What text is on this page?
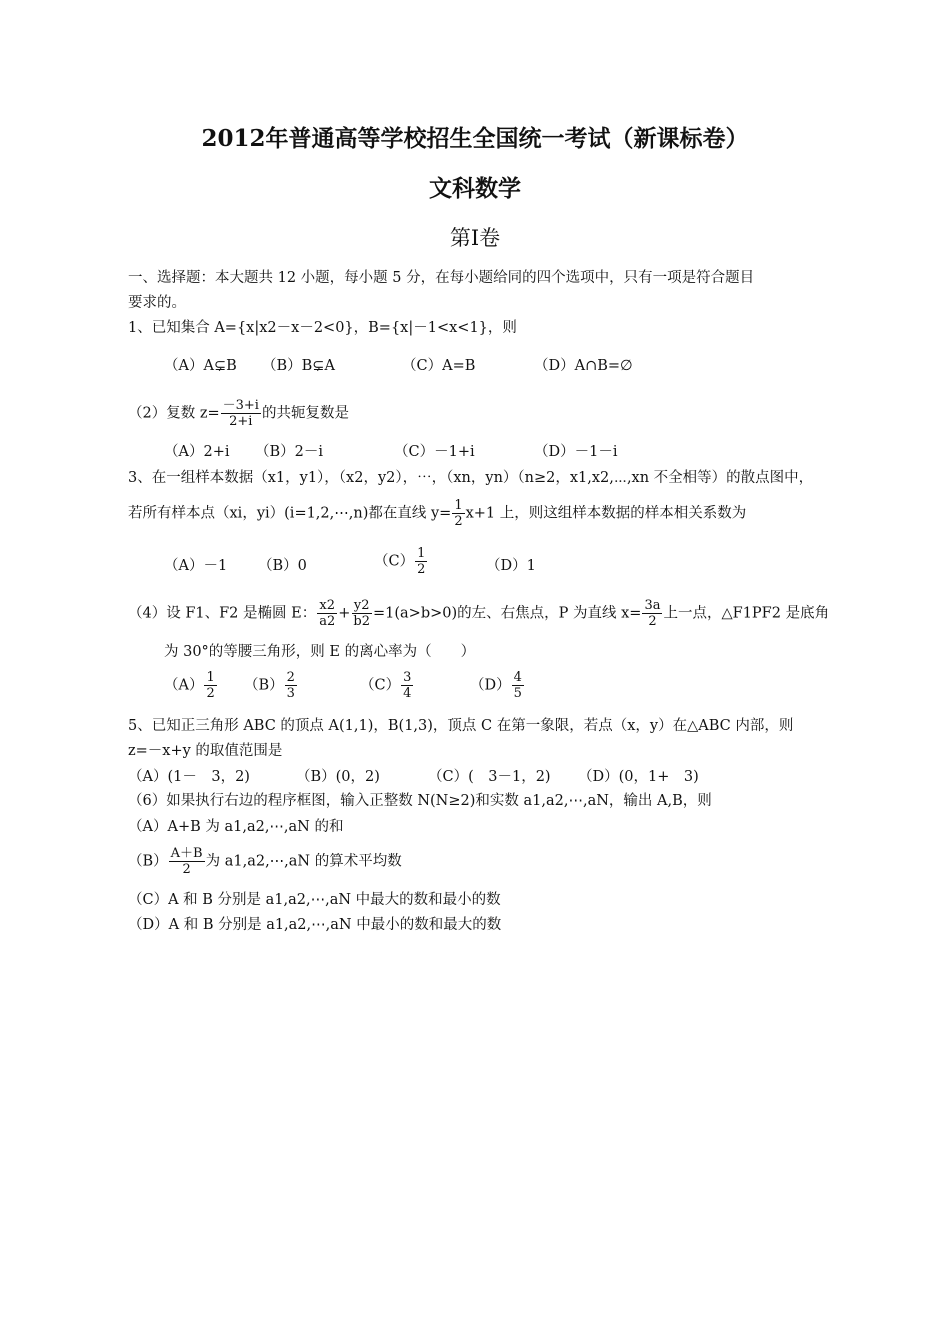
2012年普通高等学校招生全国统一考试（新课标卷）
文科数学
第Ⅰ卷
一、选择题：本大题共 12 小题，每小题 5 分，在每小题给同的四个选项中，只有一项是符合题目
要求的。
1、已知集合 A={x|x2－x－2<0}，B={x|－1<x<1}，则
（A）A⊊B （B）B⊊A	（C）A=B	（D）A∩B=∅
（2）复数 $z= \frac{-3+i}{2+i}$ 的共轭复数是
（A）2+i （B）2－i	（C）－1+i	（D）－1－i
3、在一组样本数据（x1，y1），（x2，y2），⋯，（xn，yn）（n≥2，x1,x2,⋯,xn 不全相等）的散点图中，
若所有样本点（xi，yi）(i=1,2,⋯,n)都在直线 $y= \frac{1}{2} x+1$ 上，则这组样本数据的样本相关系数为
（A）－1 （B）0	$(C) \frac{1}{2}$	（D）1
（4）设 F1、F2 是椭圆 E： $\frac{x2}{a2} + \frac{y2}{b2} =1(a>b>0)$的左、右焦点，P 为直线 $x= \frac{3a}{2}$ 上一点，△F1PF2 是底角
为 30°的等腰三角形，则 E 的离心率为（　　）
$(A) \frac{1}{2} (B) \frac{2}{3}$	$(C) \frac{3}{4}$	$(D) \frac{4}{5}$
5、已知正三角形 ABC 的顶点 A(1,1)，B(1,3)，顶点 C 在第一象限，若点（x，y）在△ABC 内部，则
z=－x+y 的取值范围是
（A）(1－　3，2)	（B）(0，2)	（C）(　3－1，2) （D）(0，1+　3)
（6）如果执行右边的程序框图，输入正整数 N(N≥2)和实数 a1,a2,⋯,aN，输出 A,B，则
（A）A+B 为 a1,a2,⋯,aN 的和
$(B) \frac{A+B}{2}$ 为 a1,a2,⋯,aN 的算术平均数
（C）A 和 B 分别是 a1,a2,⋯,aN 中最大的数和最小的数
（D）A 和 B 分别是 a1,a2,⋯,aN 中最小的数和最大的数
